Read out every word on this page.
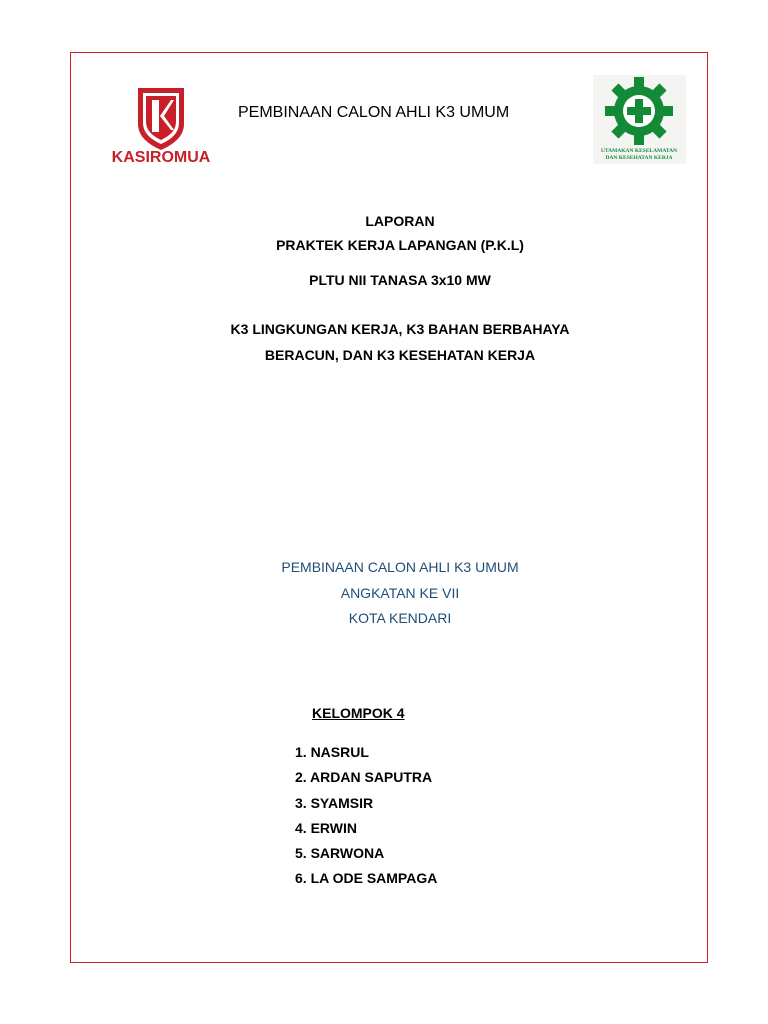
KASIROMUA
PEMBINAAN CALON AHLI K3 UMUM
UTAMAKAN KESELAMATAN
DAN KESEHATAN KERJA
LAPORAN
PRAKTEK KERJA LAPANGAN (P.K.L)
PLTU NII TANASA 3x10 MW
K3 LINGKUNGAN KERJA, K3 BAHAN BERBAHAYA
BERACUN, DAN K3 KESEHATAN KERJA
PEMBINAAN CALON AHLI K3 UMUM
ANGKATAN KE VII
KOTA KENDARI
KELOMPOK 4
1. NASRUL
2. ARDAN SAPUTRA
3. SYAMSIR
4. ERWIN
5. SARWONA
6. LA ODE SAMPAGA
